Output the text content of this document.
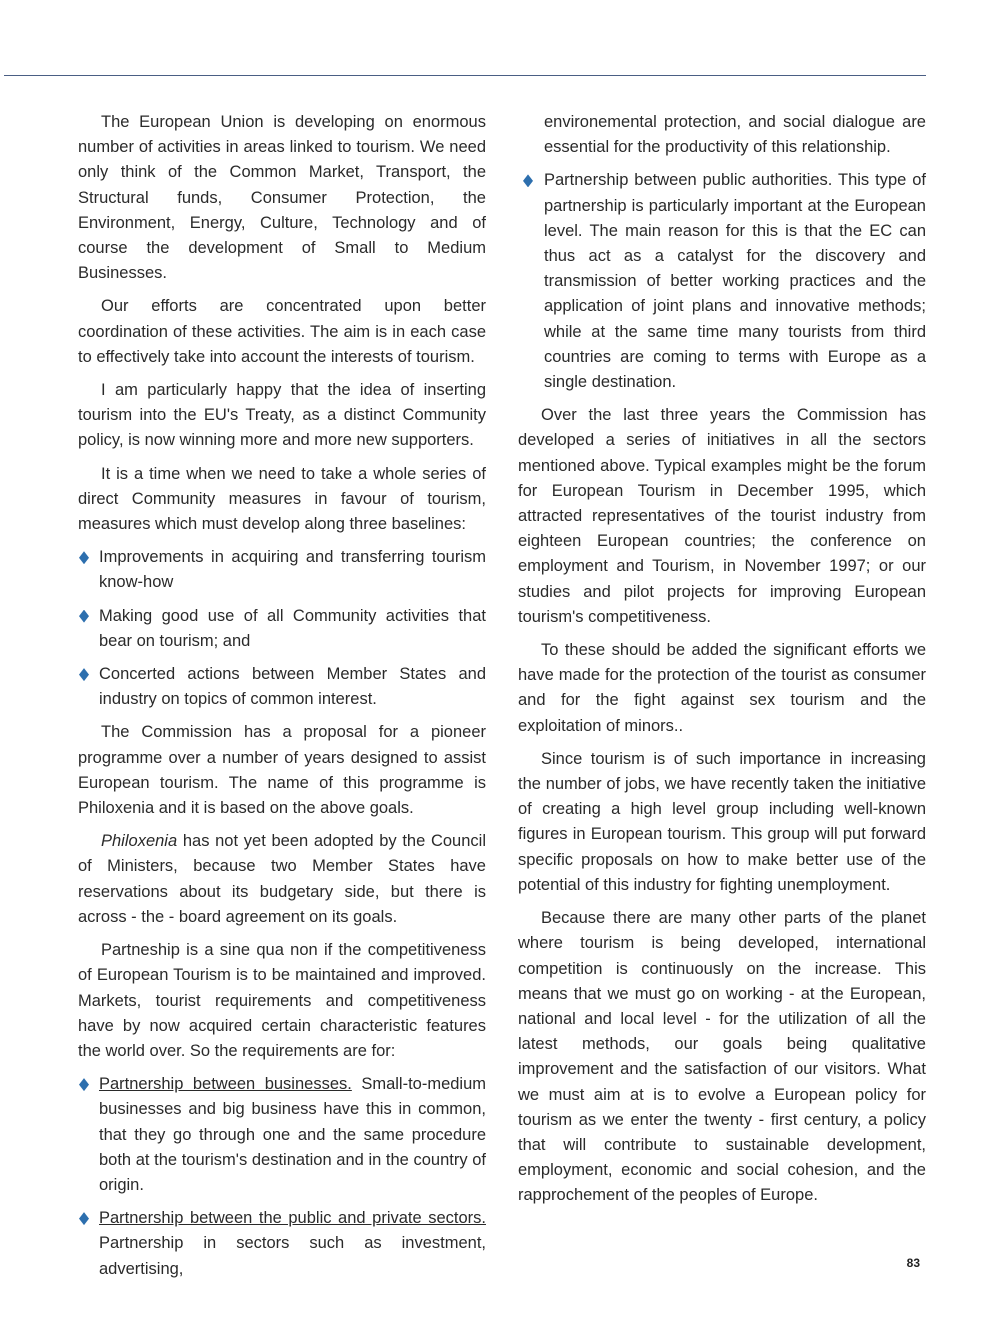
The European Union is developing on enormous number of activities in areas linked to tourism. We need only think of the Common Market, Transport, the Structural funds, Consumer Protection, the Environment, Energy, Culture, Technology and of course the development of Small to Medium Businesses.

Our efforts are concentrated upon better coordination of these activities. The aim is in each case to effectively take into account the interests of tourism.

I am particularly happy that the idea of inserting tourism into the EU's Treaty, as a distinct Community policy, is now winning more and more new supporters.

It is a time when we need to take a whole series of direct Community measures in favour of tourism, measures which must develop along three baselines:

Improvements in acquiring and transferring tourism know-how
Making good use of all Community activities that bear on tourism; and
Concerted actions between Member States and industry on topics of common interest.

The Commission has a proposal for a pioneer programme over a number of years designed to assist European tourism. The name of this programme is Philoxenia and it is based on the above goals.

Philoxenia has not yet been adopted by the Council of Ministers, because two Member States have reservations about its budgetary side, but there is across - the - board agreement on its goals.

Partneship is a sine qua non if the competitiveness of European Tourism is to be maintained and improved. Markets, tourist requirements and competitiveness have by now acquired certain characteristic features the world over. So the requirements are for:

Partnership between businesses. Small-to-medium businesses and big business have this in common, that they go through one and the same procedure both at the tourism's destination and in the country of origin.
Partnership between the public and private sectors. Partnership in sectors such as investment, advertising,

environemental protection, and social dialogue are essential for the productivity of this relationship.

Partnership between public authorities. This type of partnership is particularly important at the European level. The main reason for this is that the EC can thus act as a catalyst for the discovery and transmission of better working practices and the application of joint plans and innovative methods; while at the same time many tourists from third countries are coming to terms with Europe as a single destination.

Over the last three years the Commission has developed a series of initiatives in all the sectors mentioned above. Typical examples might be the forum for European Tourism in December 1995, which attracted representatives of the tourist industry from eighteen European countries; the conference on employment and Tourism, in November 1997; or our studies and pilot projects for improving European tourism's competitiveness.

To these should be added the significant efforts we have made for the protection of the tourist as consumer and for the fight against sex tourism and the exploitation of minors..

Since tourism is of such importance in increasing the number of jobs, we have recently taken the initiative of creating a high level group including well-known figures in European tourism. This group will put forward specific proposals on how to make better use of the potential of this industry for fighting unemployment.

Because there are many other parts of the planet where tourism is being developed, international competition is continuously on the increase. This means that we must go on working - at the European, national and local level - for the utilization of all the latest methods, our goals being qualitative improvement and the satisfaction of our visitors. What we must aim at is to evolve a European policy for tourism as we enter the twenty - first century, a policy that will contribute to sustainable development, employment, economic and social cohesion, and the rapprochement of the peoples of Europe.

83
